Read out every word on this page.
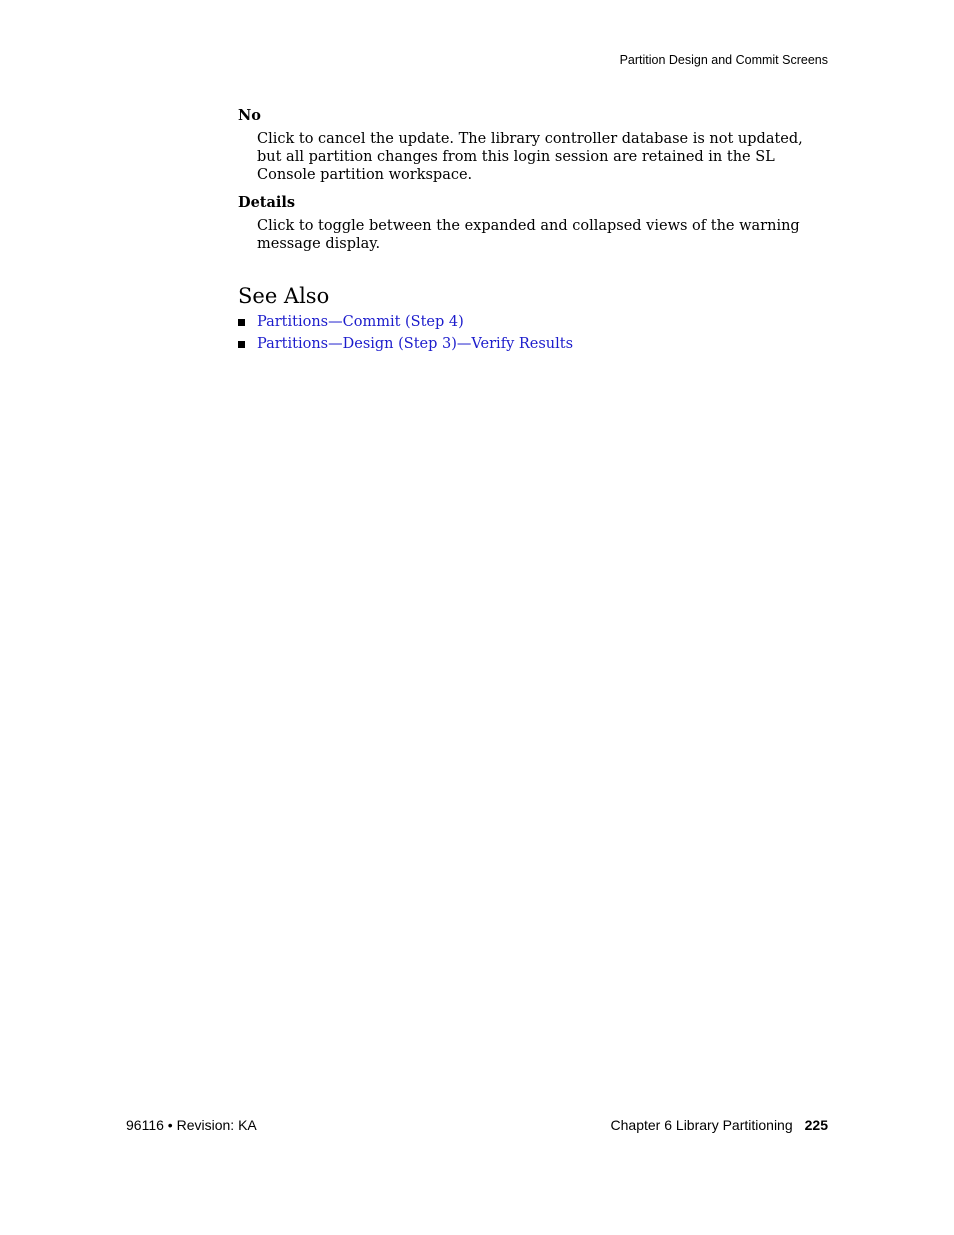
Partition Design and Commit Screens

No

Click to cancel the update. The library controller database is not updated, but all partition changes from this login session are retained in the SL Console partition workspace.

Details

Click to toggle between the expanded and collapsed views of the warning message display.

See Also
Partitions—Commit (Step 4)
Partitions—Design (Step 3)—Verify Results
96116 • Revision: KA	Chapter 6 Library Partitioning 225
